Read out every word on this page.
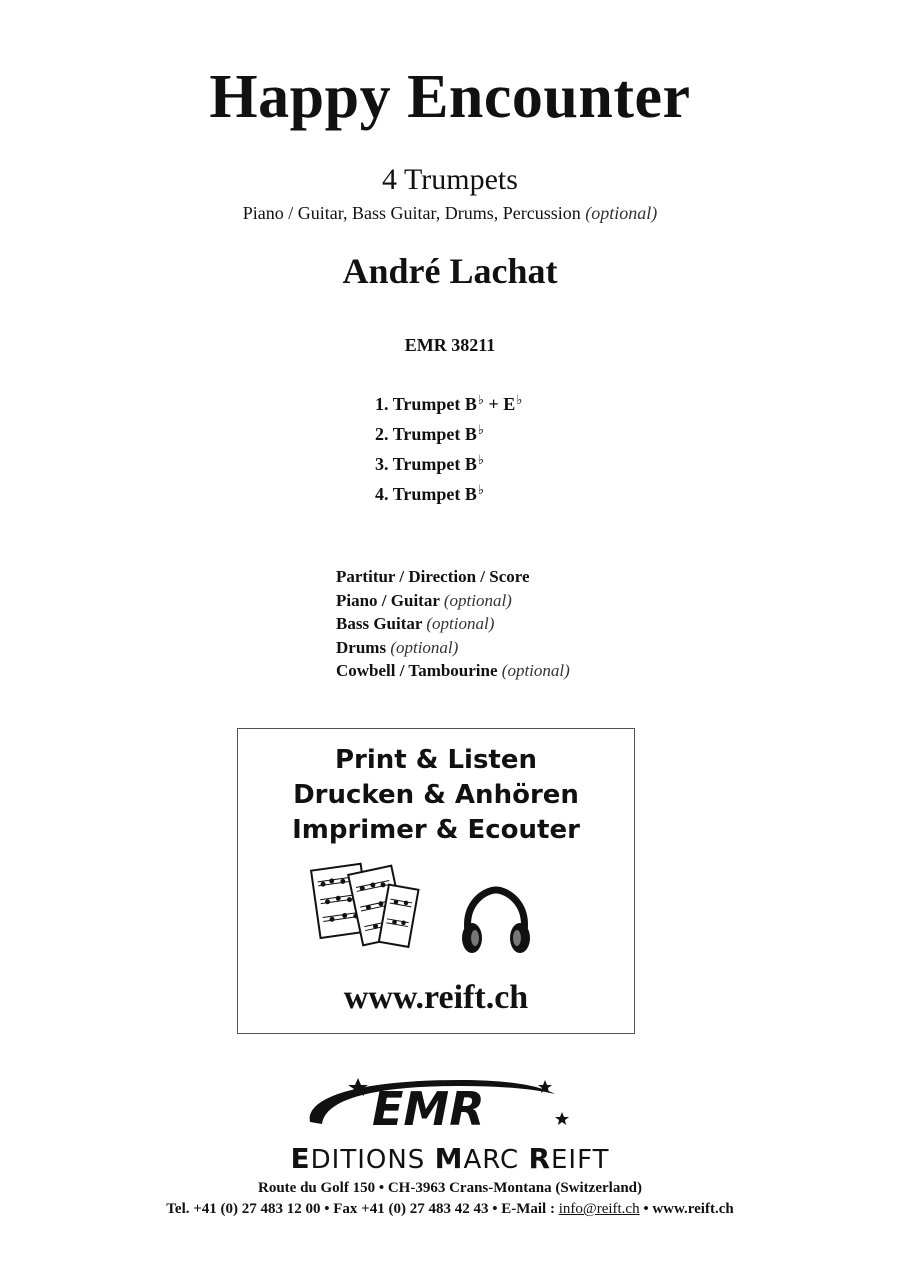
Happy Encounter
4 Trumpets
Piano / Guitar, Bass Guitar, Drums, Percussion (optional)
André Lachat
EMR 38211
1. Trumpet B♭ + E♭
2. Trumpet B♭
3. Trumpet B♭
4. Trumpet B♭
Partitur / Direction / Score
Piano / Guitar (optional)
Bass Guitar (optional)
Drums (optional)
Cowbell / Tambourine (optional)
Print & Listen
Drucken & Anhören
Imprimer & Ecouter
www.reift.ch
EMR
EDITIONS MARC REIFT
Route du Golf 150 • CH-3963 Crans-Montana (Switzerland)
Tel. +41 (0) 27 483 12 00 • Fax +41 (0) 27 483 42 43 • E-Mail : info@reift.ch • www.reift.ch
